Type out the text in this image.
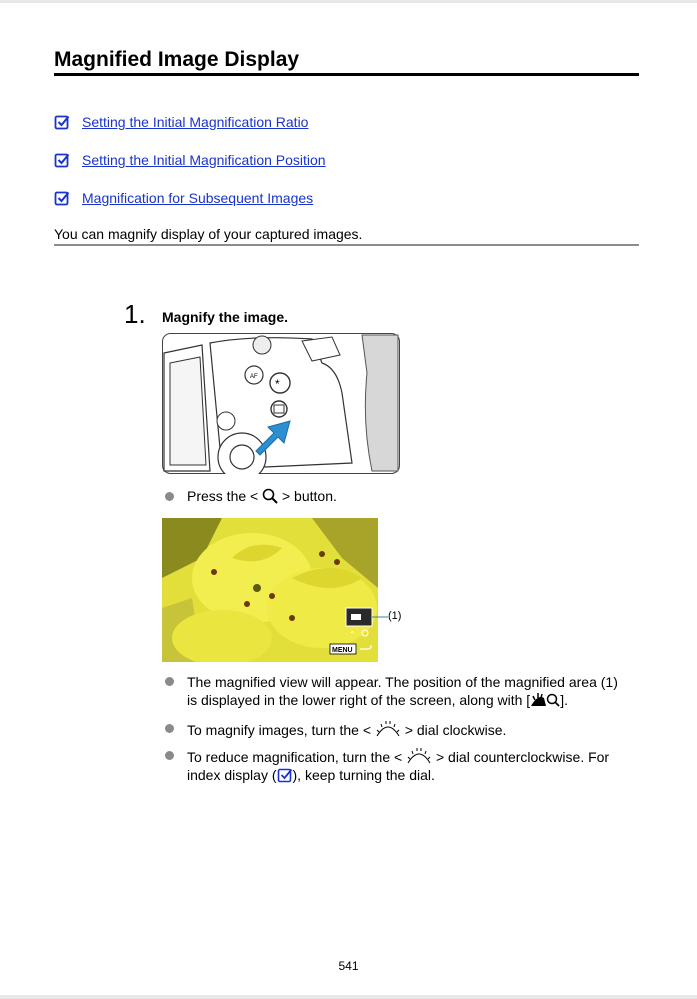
Magnified Image Display
Setting the Initial Magnification Ratio
Setting the Initial Magnification Position
Magnification for Subsequent Images

You can magnify display of your captured images.

1. Magnify the image.
AF *
Press the < > button.
⌃
MENU
(1)
The magnified view will appear. The position of the magnified area (1)
is displayed in the lower right of the screen, along with [ ].
To magnify images, turn the < > dial clockwise.
To reduce magnification, turn the < > dial counterclockwise. For
index display ( ), keep turning the dial.
541
